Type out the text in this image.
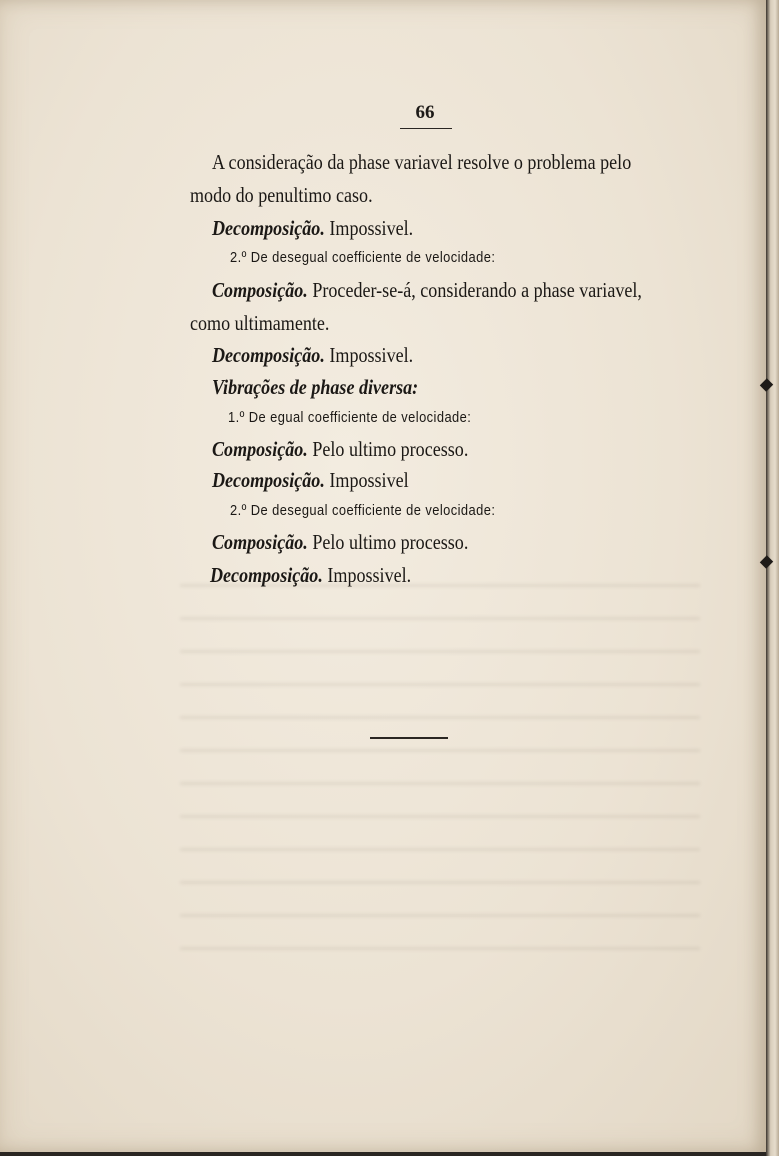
66
A consideração da phase variavel resolve o problema pelo
modo do penultimo caso.
Decomposição. Impossivel.
2.º De desegual coefficiente de velocidade:
Composição. Proceder-se-á, considerando a phase variavel,
como ultimamente.
Decomposição. Impossivel.
Vibrações de phase diversa:
1.º De egual coefficiente de velocidade:
Composição. Pelo ultimo processo.
Decomposição. Impossivel
2.º De desegual coefficiente de velocidade:
Composição. Pelo ultimo processo.
Decomposição. Impossivel.
